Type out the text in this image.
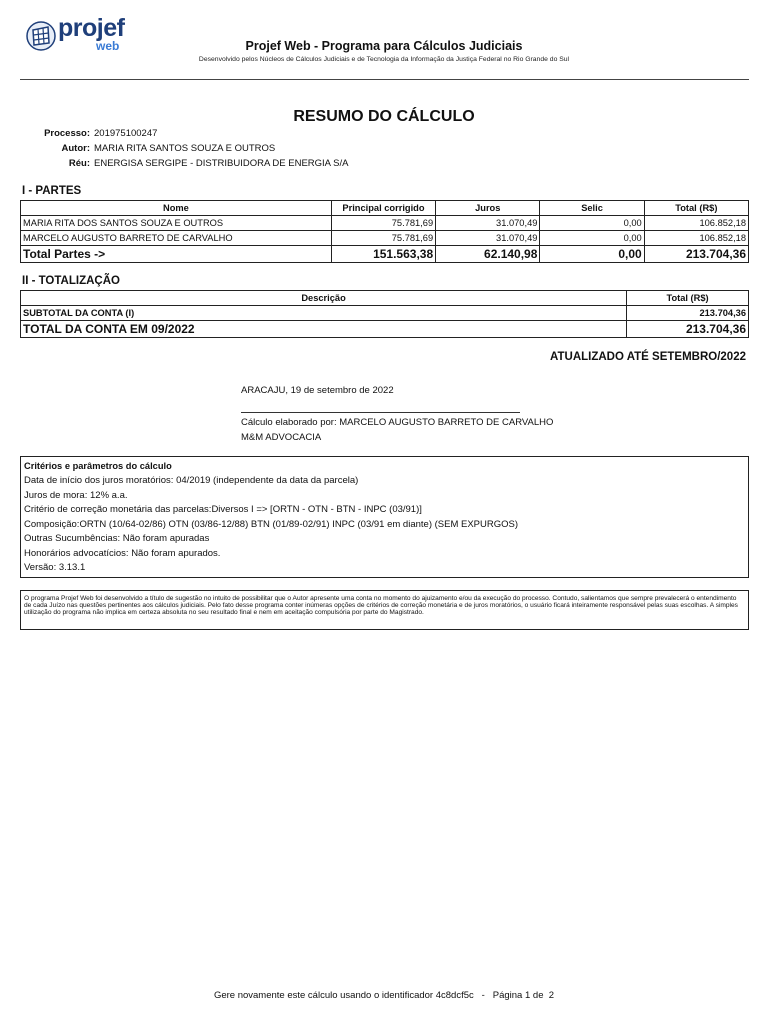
projef
web	Projef Web - Programa para Cálculos Judiciais
Desenvolvido pelos Núcleos de Cálculos Judiciais e de Tecnologia da Informação da Justiça Federal no Rio Grande do Sul
RESUMO DO CÁLCULO
Processo: 201975100247
Autor: MARIA RITA SANTOS SOUZA E OUTROS
Réu: ENERGISA SERGIPE - DISTRIBUIDORA DE ENERGIA S/A
I - PARTES
Nome	Principal corrigido	Juros	Selic	Total (R$)
MARIA RITA DOS SANTOS SOUZA E OUTROS	75.781,69	31.070,49	0,00	106.852,18
MARCELO AUGUSTO BARRETO DE CARVALHO	75.781,69	31.070,49	0,00	106.852,18
Total Partes ->	151.563,38	62.140,98	0,00	213.704,36
II - TOTALIZAÇÃO
Descrição	Total (R$)
SUBTOTAL DA CONTA (I)	213.704,36
TOTAL DA CONTA EM 09/2022	213.704,36
ATUALIZADO ATÉ SETEMBRO/2022
ARACAJU, 19 de setembro de 2022
Cálculo elaborado por: MARCELO AUGUSTO BARRETO DE CARVALHO
M&M ADVOCACIA
Critérios e parâmetros do cálculo
Data de início dos juros moratórios: 04/2019 (independente da data da parcela)
Juros de mora: 12% a.a.
Critério de correção monetária das parcelas:Diversos I => [ORTN - OTN - BTN - INPC (03/91)]
Composição:ORTN (10/64-02/86) OTN (03/86-12/88) BTN (01/89-02/91) INPC (03/91 em diante) (SEM EXPURGOS)
Outras Sucumbências: Não foram apuradas
Honorários advocatícios: Não foram apurados.
Versão: 3.13.1
O programa Projef Web foi desenvolvido a título de sugestão no intuito de possibilitar que o Autor apresente uma conta no momento do ajuizamento e/ou da execução do processo. Contudo, salientamos que sempre prevalecerá o entendimento de cada Juízo nas questões pertinentes aos cálculos judiciais. Pelo fato desse programa conter inúmeras opções de critérios de correção monetária e de juros moratórios, o usuário ficará inteiramente responsável pelas suas escolhas. A simples utilização do programa não implica em certeza absoluta no seu resultado final e nem em aceitação compulsória por parte do Magistrado.
Gere novamente este cálculo usando o identificador 4c8dcf5c   -   Página 1 de  2
